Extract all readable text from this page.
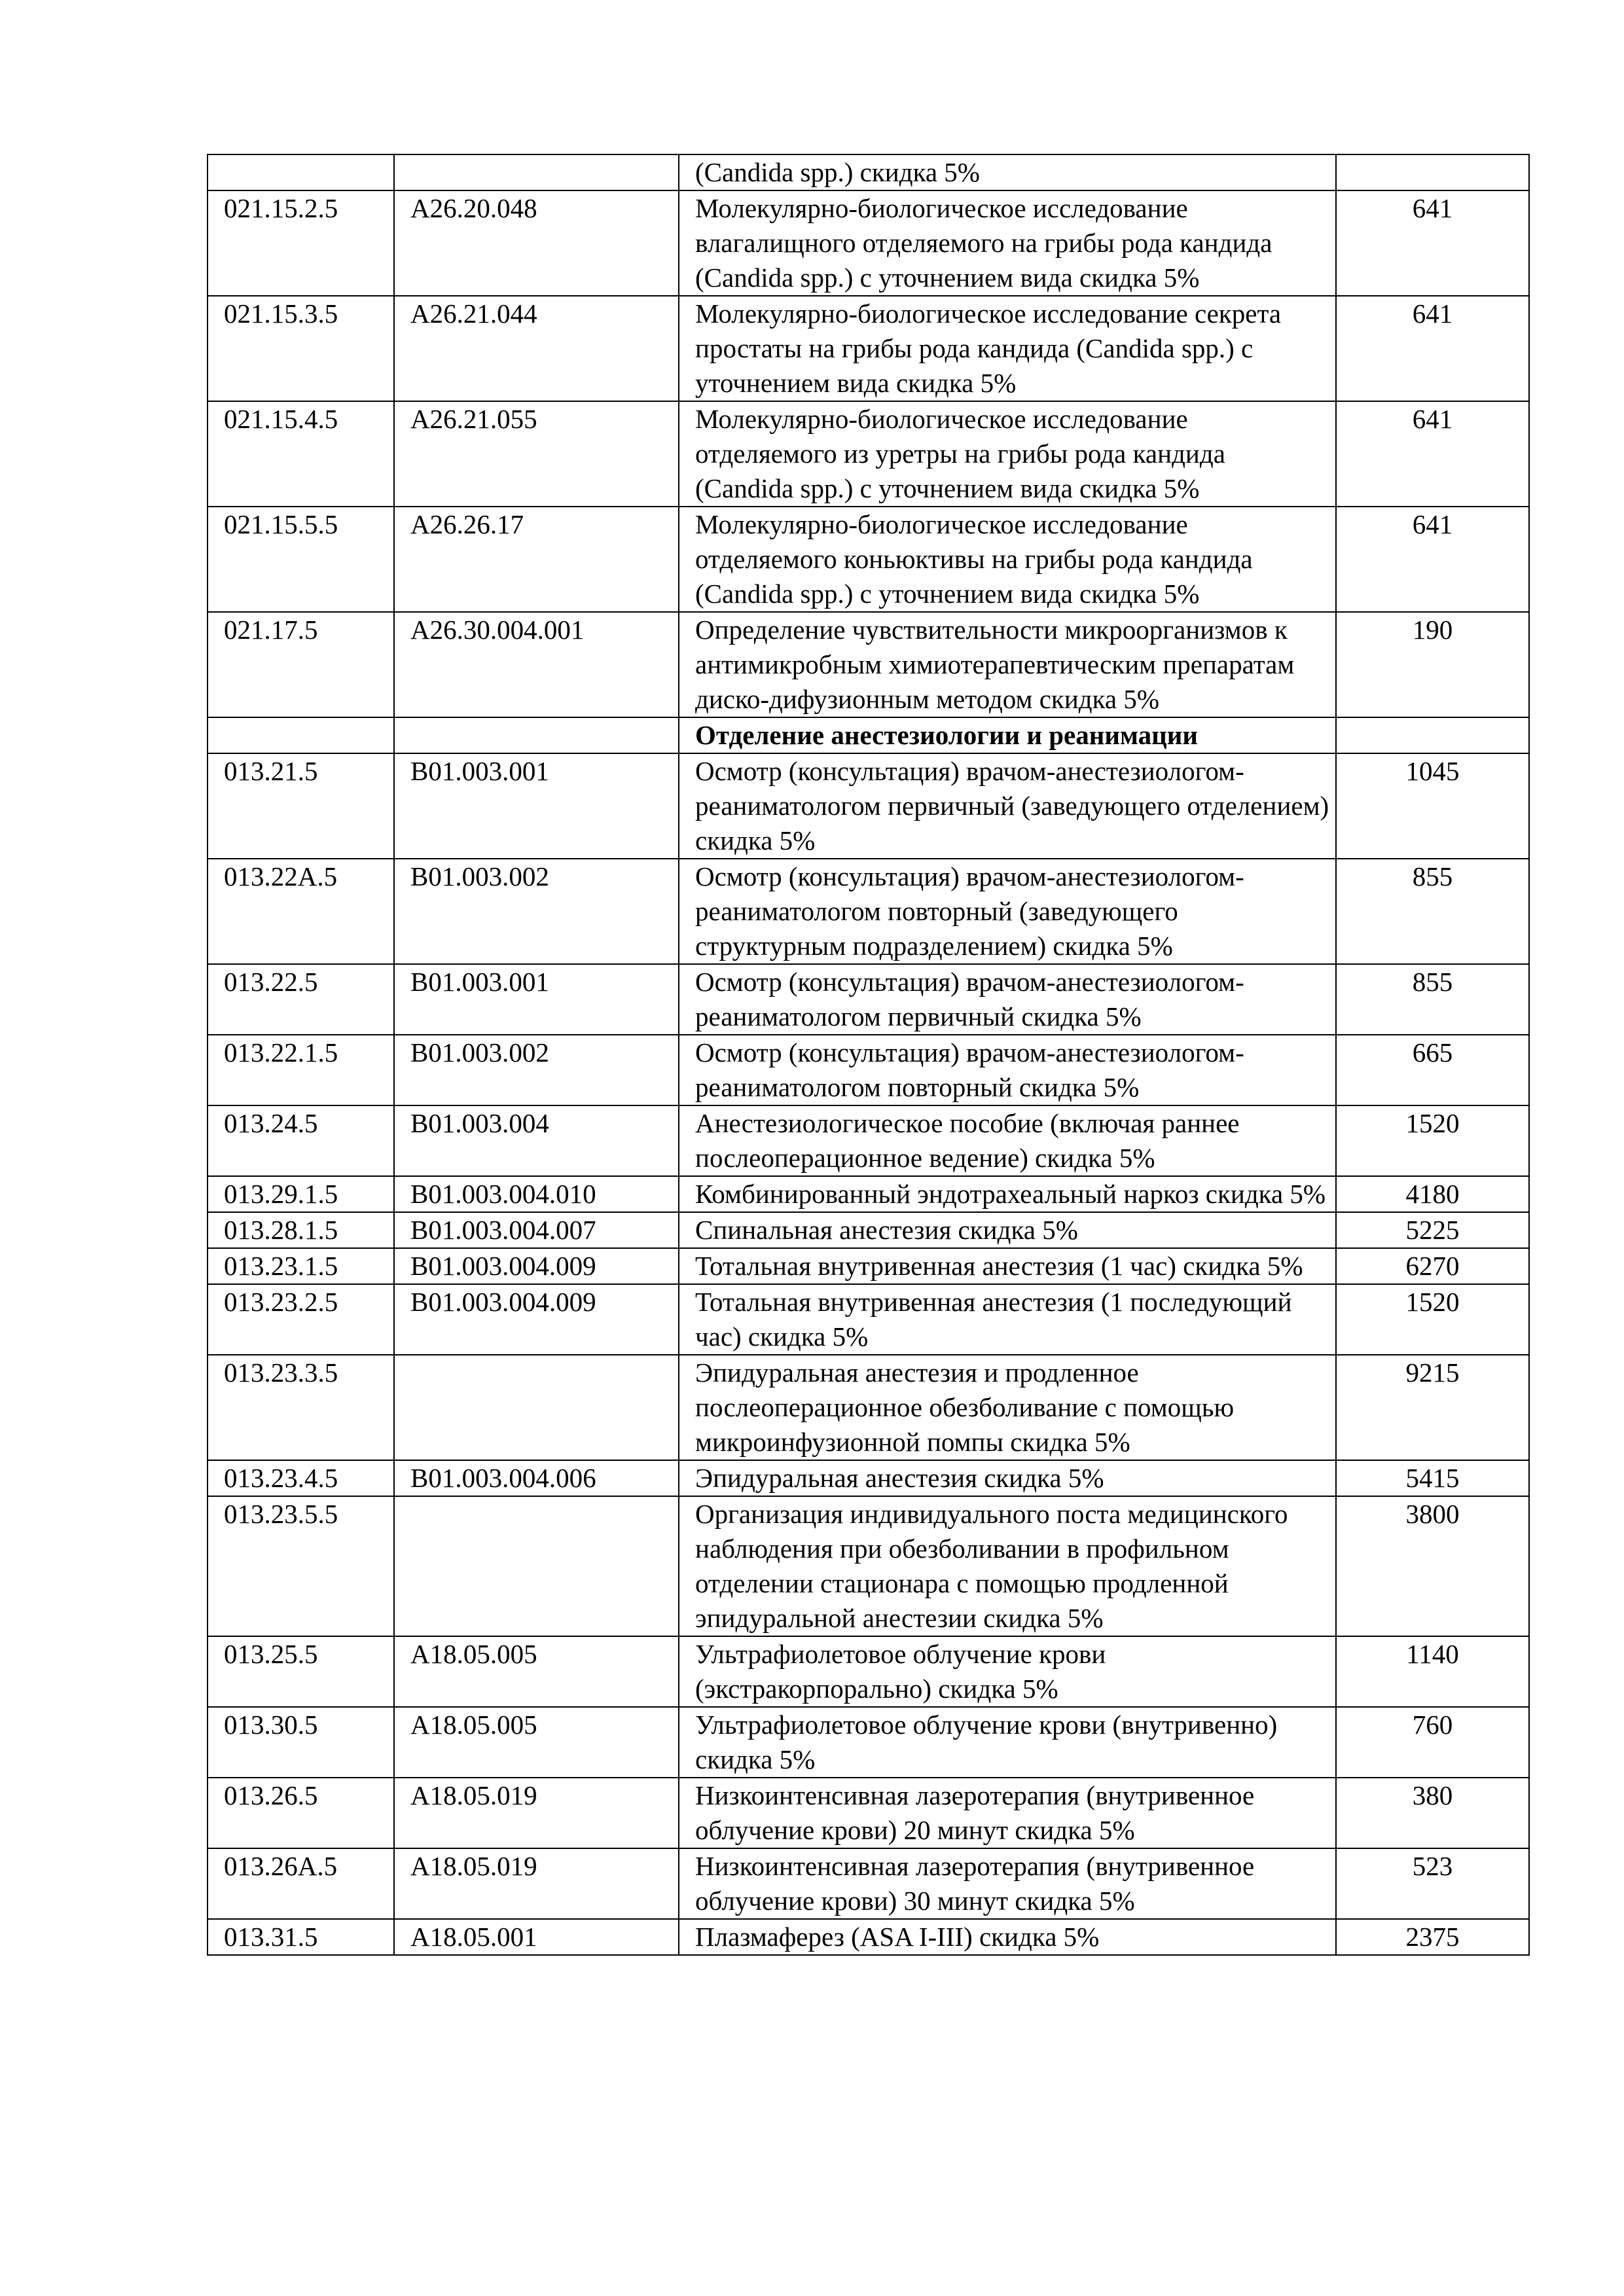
		(Candida spp.) скидка 5%	
021.15.2.5	A26.20.048	Молекулярно-биологическое исследование влагалищного отделяемого на грибы рода кандида (Candida spp.) с уточнением вида скидка 5%	641
021.15.3.5	A26.21.044	Молекулярно-биологическое исследование секрета простаты на грибы рода кандида (Candida spp.) с уточнением вида скидка 5%	641
021.15.4.5	A26.21.055	Молекулярно-биологическое исследование отделяемого из уретры на грибы рода кандида (Candida spp.) с уточнением вида скидка 5%	641
021.15.5.5	A26.26.17	Молекулярно-биологическое исследование отделяемого коньюктивы на грибы рода кандида (Candida spp.) с уточнением вида скидка 5%	641
021.17.5	A26.30.004.001	Определение чувствительности микроорганизмов к антимикробным химиотерапевтическим препаратам диско-дифузионным методом скидка 5%	190
		Отделение анестезиологии и реанимации	
013.21.5	B01.003.001	Осмотр (консультация) врачом-анестезиологом-реаниматологом первичный (заведующего отделением) скидка 5%	1045
013.22A.5	B01.003.002	Осмотр (консультация) врачом-анестезиологом-реаниматологом повторный (заведующего структурным подразделением) скидка 5%	855
013.22.5	B01.003.001	Осмотр (консультация) врачом-анестезиологом-реаниматологом первичный скидка 5%	855
013.22.1.5	B01.003.002	Осмотр (консультация) врачом-анестезиологом-реаниматологом повторный скидка 5%	665
013.24.5	B01.003.004	Анестезиологическое пособие (включая раннее послеоперационное ведение) скидка 5%	1520
013.29.1.5	B01.003.004.010	Комбинированный эндотрахеальный наркоз скидка 5%	4180
013.28.1.5	B01.003.004.007	Спинальная анестезия скидка 5%	5225
013.23.1.5	B01.003.004.009	Тотальная внутривенная анестезия (1 час) скидка 5%	6270
013.23.2.5	B01.003.004.009	Тотальная внутривенная анестезия (1 последующий час) скидка 5%	1520
013.23.3.5		Эпидуральная анестезия и продленное послеоперационное обезболивание с помощью микроинфузионной помпы скидка 5%	9215
013.23.4.5	B01.003.004.006	Эпидуральная анестезия скидка 5%	5415
013.23.5.5		Организация индивидуального поста медицинского наблюдения при обезболивании в профильном отделении стационара с помощью продленной эпидуральной анестезии скидка 5%	3800
013.25.5	A18.05.005	Ультрафиолетовое облучение крови (экстракорпорально) скидка 5%	1140
013.30.5	A18.05.005	Ультрафиолетовое облучение крови (внутривенно) скидка 5%	760
013.26.5	A18.05.019	Низкоинтенсивная лазеротерапия (внутривенное облучение крови) 20 минут скидка 5%	380
013.26A.5	A18.05.019	Низкоинтенсивная лазеротерапия (внутривенное облучение крови) 30 минут скидка 5%	523
013.31.5	A18.05.001	Плазмаферез (ASA I-III) скидка 5%	2375
